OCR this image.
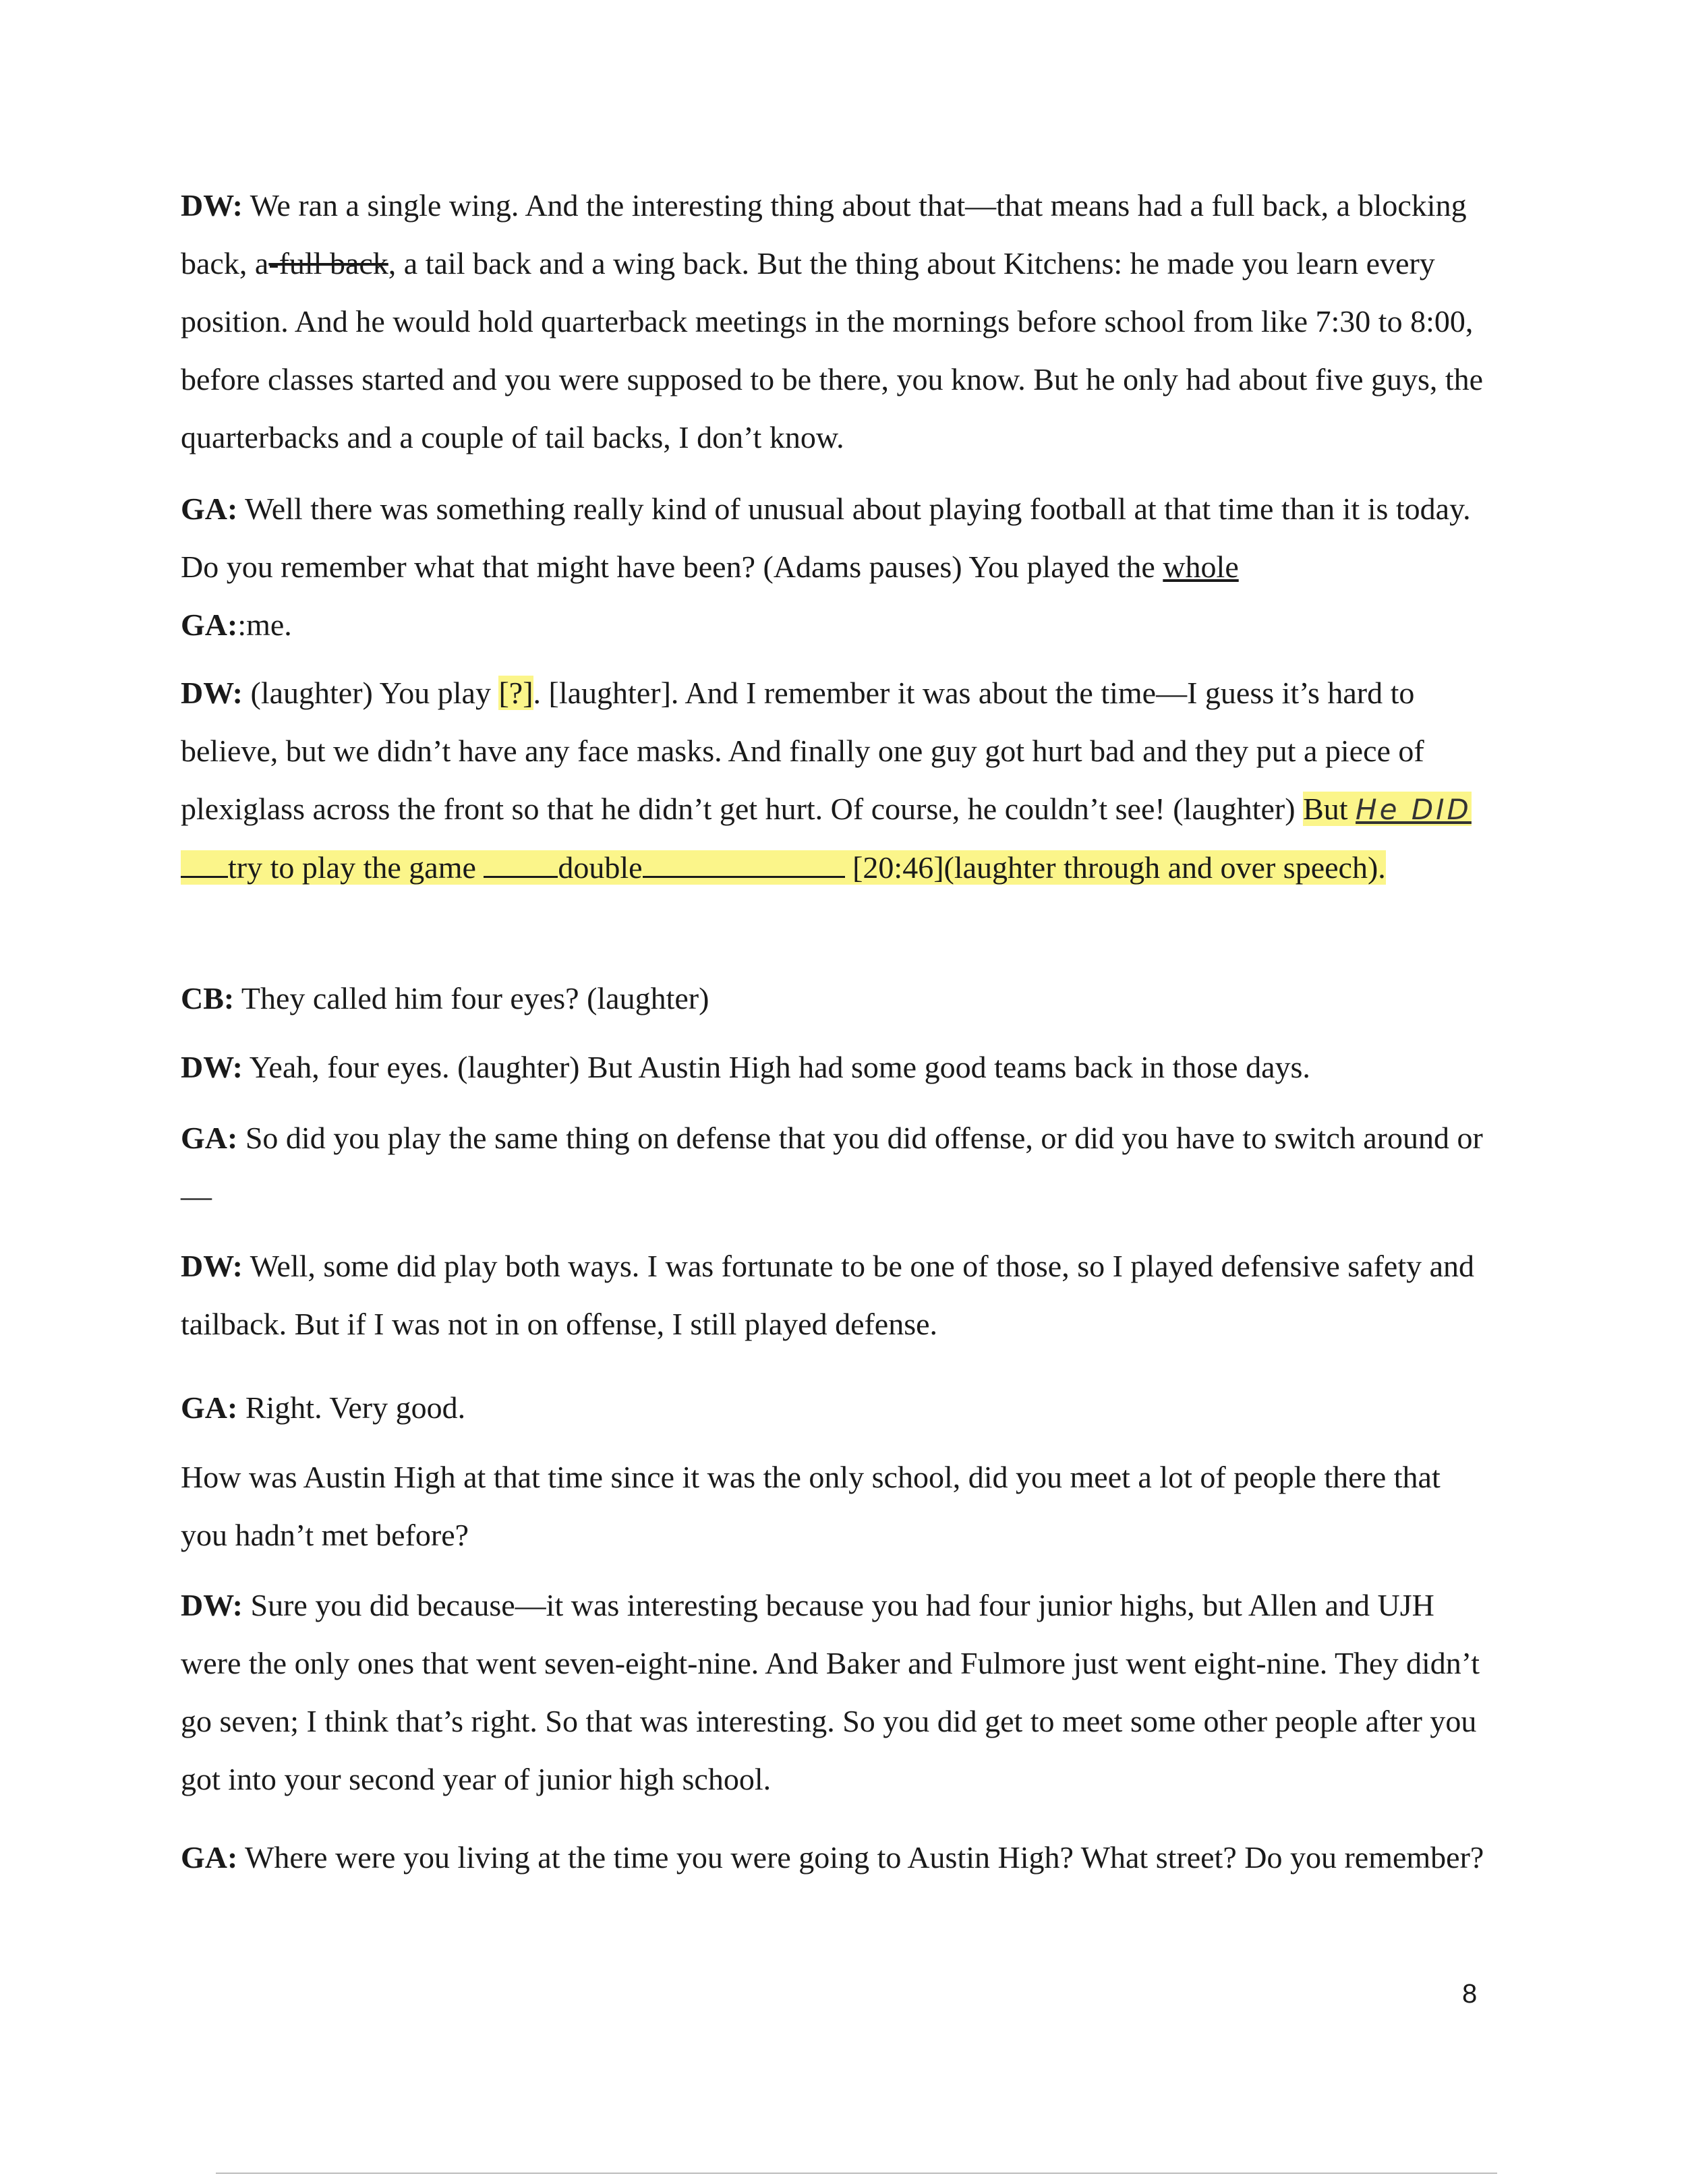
DW: We ran a single wing. And the interesting thing about that—that means had a full back, a blocking back, a-full back, a tail back and a wing back. But the thing about Kitchens: he made you learn every position. And he would hold quarterback meetings in the mornings before school from like 7:30 to 8:00, before classes started and you were supposed to be there, you know. But he only had about five guys, the quarterbacks and a couple of tail backs, I don’t know.

GA: Well there was something really kind of unusual about playing football at that time than it is today. Do you remember what that might have been? (Adams pauses) You played the whole
GA::me.

DW: (laughter) You play [?]. [laughter]. And I remember it was about the time—I guess it’s hard to believe, but we didn’t have any face masks. And finally one guy got hurt bad and they put a piece of plexiglass across the front so that he didn’t get hurt. Of course, he couldn’t see! (laughter) But He DIDtry to play the game double	[20:46](laughter through and over speech).

CB: They called him four eyes? (laughter)

DW: Yeah, four eyes. (laughter) But Austin High had some good teams back in those days.

GA: So did you play the same thing on defense that you did offense, or did you have to switch around or—

DW: Well, some did play both ways. I was fortunate to be one of those, so I played defensive safety and tailback. But if I was not in on offense, I still played defense.

GA: Right. Very good.

How was Austin High at that time since it was the only school, did you meet a lot of people there that you hadn’t met before?

DW: Sure you did because—it was interesting because you had four junior highs, but Allen and UJH were the only ones that went seven-eight-nine. And Baker and Fulmore just went eight-nine. They didn’t go seven; I think that’s right. So that was interesting. So you did get to meet some other people after you got into your second year of junior high school.

GA: Where were you living at the time you were going to Austin High? What street? Do you remember?

8
